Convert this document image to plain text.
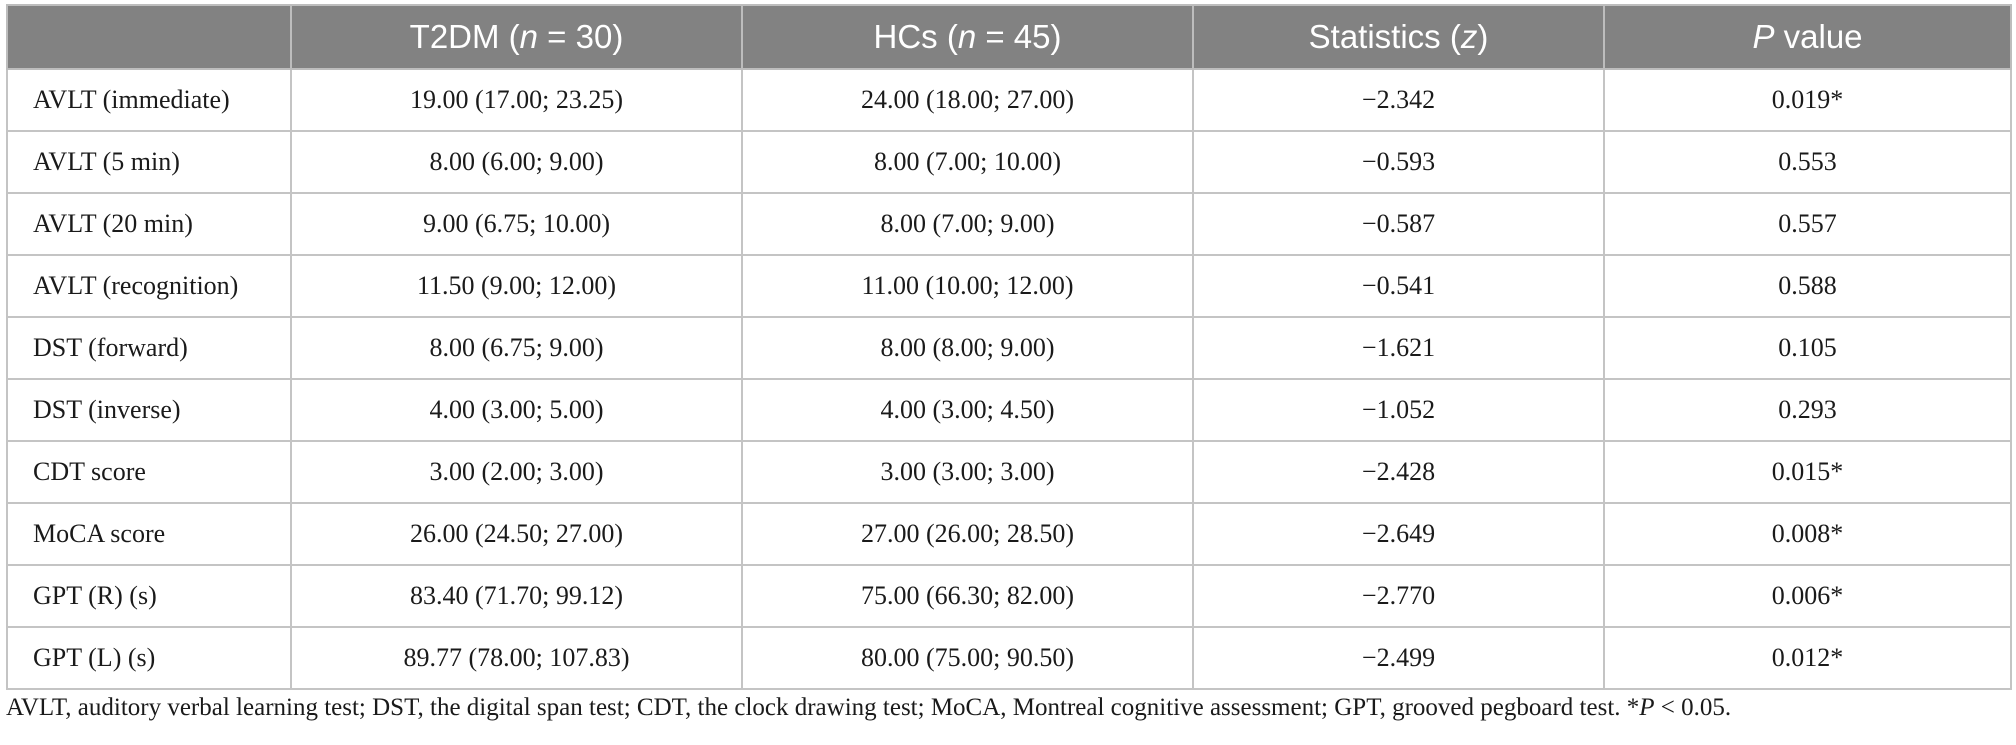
	T2DM (n = 30)	HCs (n = 45)	Statistics (z)	P value
AVLT (immediate)	19.00 (17.00; 23.25)	24.00 (18.00; 27.00)	−2.342	0.019*
AVLT (5 min)	8.00 (6.00; 9.00)	8.00 (7.00; 10.00)	−0.593	0.553
AVLT (20 min)	9.00 (6.75; 10.00)	8.00 (7.00; 9.00)	−0.587	0.557
AVLT (recognition)	11.50 (9.00; 12.00)	11.00 (10.00; 12.00)	−0.541	0.588
DST (forward)	8.00 (6.75; 9.00)	8.00 (8.00; 9.00)	−1.621	0.105
DST (inverse)	4.00 (3.00; 5.00)	4.00 (3.00; 4.50)	−1.052	0.293
CDT score	3.00 (2.00; 3.00)	3.00 (3.00; 3.00)	−2.428	0.015*
MoCA score	26.00 (24.50; 27.00)	27.00 (26.00; 28.50)	−2.649	0.008*
GPT (R) (s)	83.40 (71.70; 99.12)	75.00 (66.30; 82.00)	−2.770	0.006*
GPT (L) (s)	89.77 (78.00; 107.83)	80.00 (75.00; 90.50)	−2.499	0.012*
AVLT, auditory verbal learning test; DST, the digital span test; CDT, the clock drawing test; MoCA, Montreal cognitive assessment; GPT, grooved pegboard test. *P < 0.05.
